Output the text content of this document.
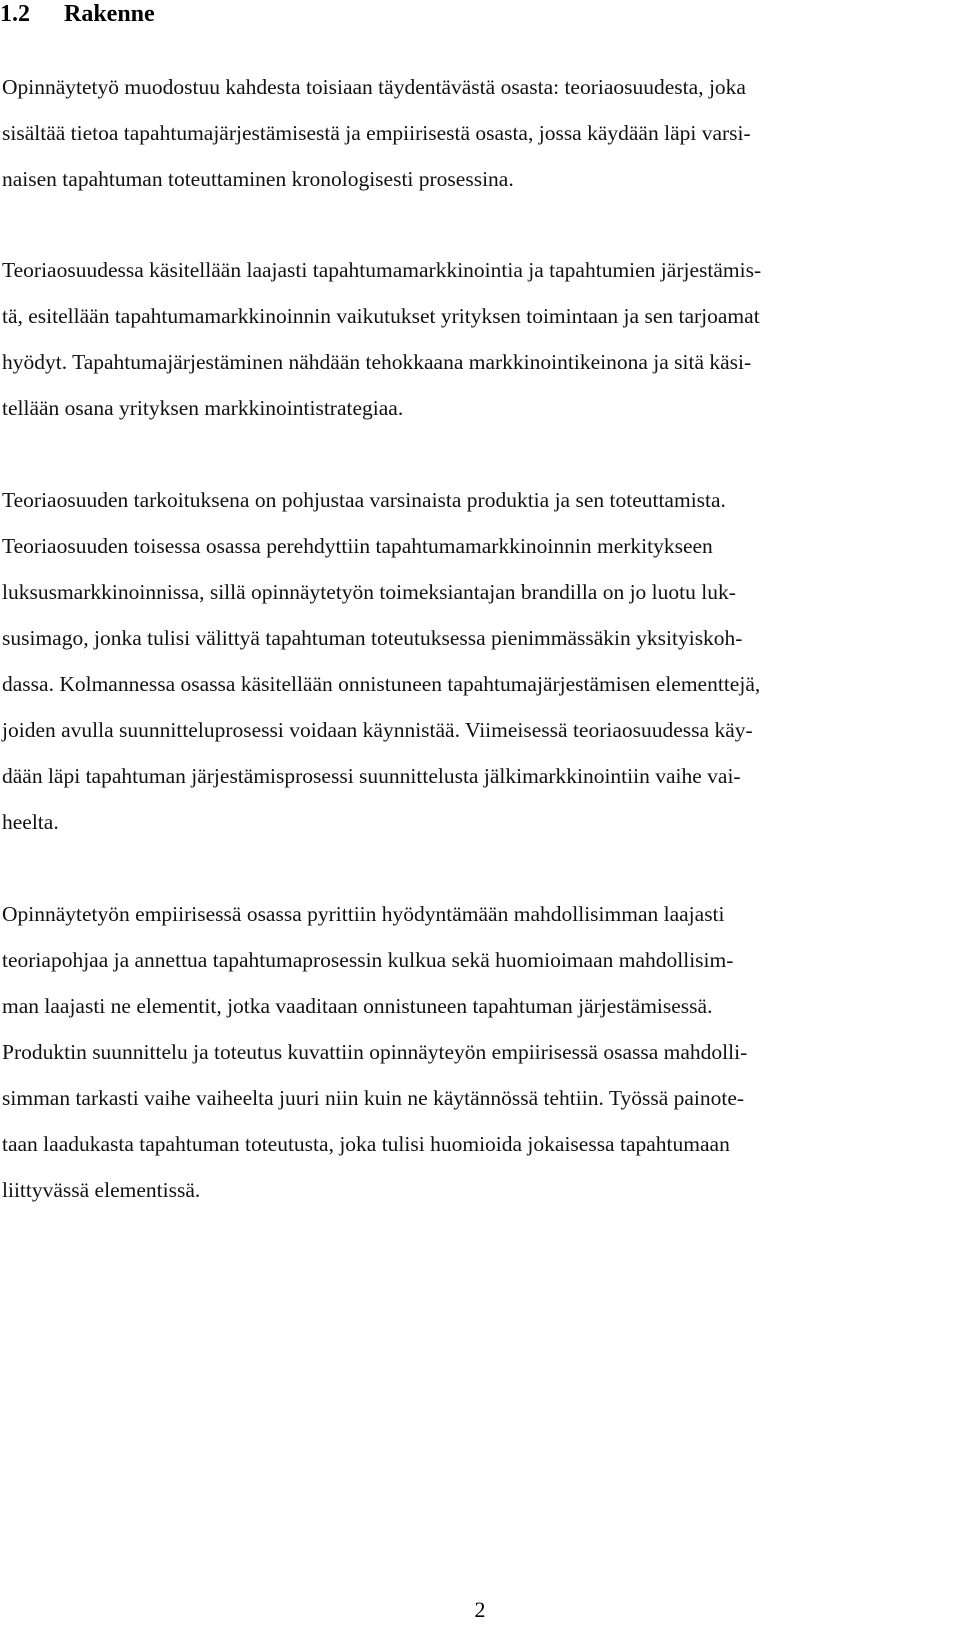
1.2 Rakenne

Opinnäytetyö muodostuu kahdesta toisiaan täydentävästä osasta: teoriaosuudesta, joka
sisältää tietoa tapahtumajärjestämisestä ja empiirisestä osasta, jossa käydään läpi varsi-
naisen tapahtuman toteuttaminen kronologisesti prosessina.

Teoriaosuudessa käsitellään laajasti tapahtumamarkkinointia ja tapahtumien järjestämis-
tä, esitellään tapahtumamarkkinoinnin vaikutukset yrityksen toimintaan ja sen tarjoamat
hyödyt. Tapahtumajärjestäminen nähdään tehokkaana markkinointikeinona ja sitä käsi-
tellään osana yrityksen markkinointistrategiaa.

Teoriaosuuden tarkoituksena on pohjustaa varsinaista produktia ja sen toteuttamista.
Teoriaosuuden toisessa osassa perehdyttiin tapahtumamarkkinoinnin merkitykseen
luksusmarkkinoinnissa, sillä opinnäytetyön toimeksiantajan brandilla on jo luotu luk-
susimago, jonka tulisi välittyä tapahtuman toteutuksessa pienimmässäkin yksityiskoh-
dassa. Kolmannessa osassa käsitellään onnistuneen tapahtumajärjestämisen elementtejä,
joiden avulla suunnitteluprosessi voidaan käynnistää. Viimeisessä teoriaosuudessa käy-
dään läpi tapahtuman järjestämisprosessi suunnittelusta jälkimarkkinointiin vaihe vai-
heelta.

Opinnäytetyön empiirisessä osassa pyrittiin hyödyntämään mahdollisimman laajasti
teoriapohjaa ja annettua tapahtumaprosessin kulkua sekä huomioimaan mahdollisim-
man laajasti ne elementit, jotka vaaditaan onnistuneen tapahtuman järjestämisessä.
Produktin suunnittelu ja toteutus kuvattiin opinnäyteyön empiirisessä osassa mahdolli-
simman tarkasti vaihe vaiheelta juuri niin kuin ne käytännössä tehtiin. Työssä painote-
taan laadukasta tapahtuman toteutusta, joka tulisi huomioida jokaisessa tapahtumaan
liittyvässä elementissä.

2
